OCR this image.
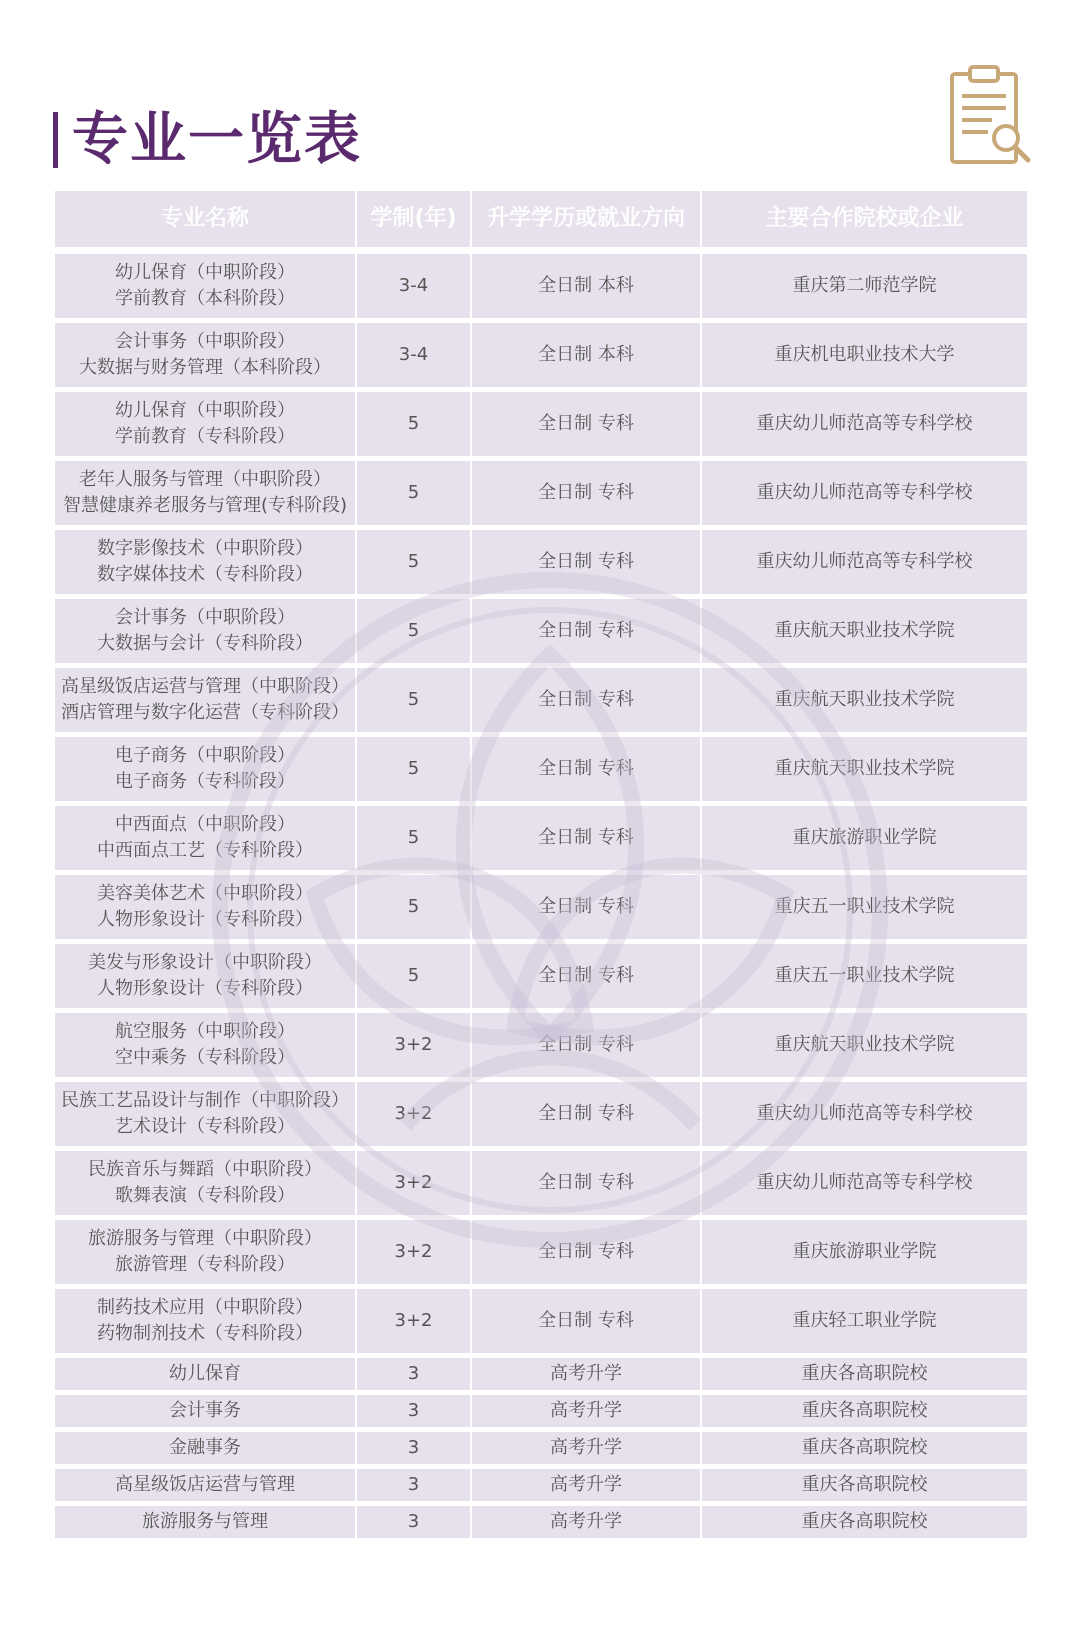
专业一览表
专业名称	学制(年)	升学学历或就业方向	主要合作院校或企业
幼儿保育（中职阶段）
学前教育（本科阶段）
3-4	全日制 本科	重庆第二师范学院
会计事务（中职阶段）
大数据与财务管理（本科阶段）
3-4	全日制 本科	重庆机电职业技术大学
幼儿保育（中职阶段）
学前教育（专科阶段）
5	全日制 专科	重庆幼儿师范高等专科学校
老年人服务与管理（中职阶段）
智慧健康养老服务与管理(专科阶段)
5	全日制 专科	重庆幼儿师范高等专科学校
数字影像技术（中职阶段）
数字媒体技术（专科阶段）
5	全日制 专科	重庆幼儿师范高等专科学校
会计事务（中职阶段）
大数据与会计（专科阶段）
5	全日制 专科	重庆航天职业技术学院
高星级饭店运营与管理（中职阶段）
酒店管理与数字化运营（专科阶段）
5	全日制 专科	重庆航天职业技术学院
电子商务（中职阶段）
电子商务（专科阶段）
5	全日制 专科	重庆航天职业技术学院
中西面点（中职阶段）
中西面点工艺（专科阶段）
5	全日制 专科	重庆旅游职业学院
美容美体艺术（中职阶段）
人物形象设计（专科阶段）
5	全日制 专科	重庆五一职业技术学院
美发与形象设计（中职阶段）
人物形象设计（专科阶段）
5	全日制 专科	重庆五一职业技术学院
航空服务（中职阶段）
空中乘务（专科阶段）
3+2	全日制 专科	重庆航天职业技术学院
民族工艺品设计与制作（中职阶段）
艺术设计（专科阶段）
3+2	全日制 专科	重庆幼儿师范高等专科学校
民族音乐与舞蹈（中职阶段）
歌舞表演（专科阶段）
3+2	全日制 专科	重庆幼儿师范高等专科学校
旅游服务与管理（中职阶段）
旅游管理（专科阶段）
3+2	全日制 专科	重庆旅游职业学院
制药技术应用（中职阶段）
药物制剂技术（专科阶段）
3+2	全日制 专科	重庆轻工职业学院
幼儿保育	3	高考升学	重庆各高职院校
会计事务	3	高考升学	重庆各高职院校
金融事务	3	高考升学	重庆各高职院校
高星级饭店运营与管理	3	高考升学	重庆各高职院校
旅游服务与管理	3	高考升学	重庆各高职院校
